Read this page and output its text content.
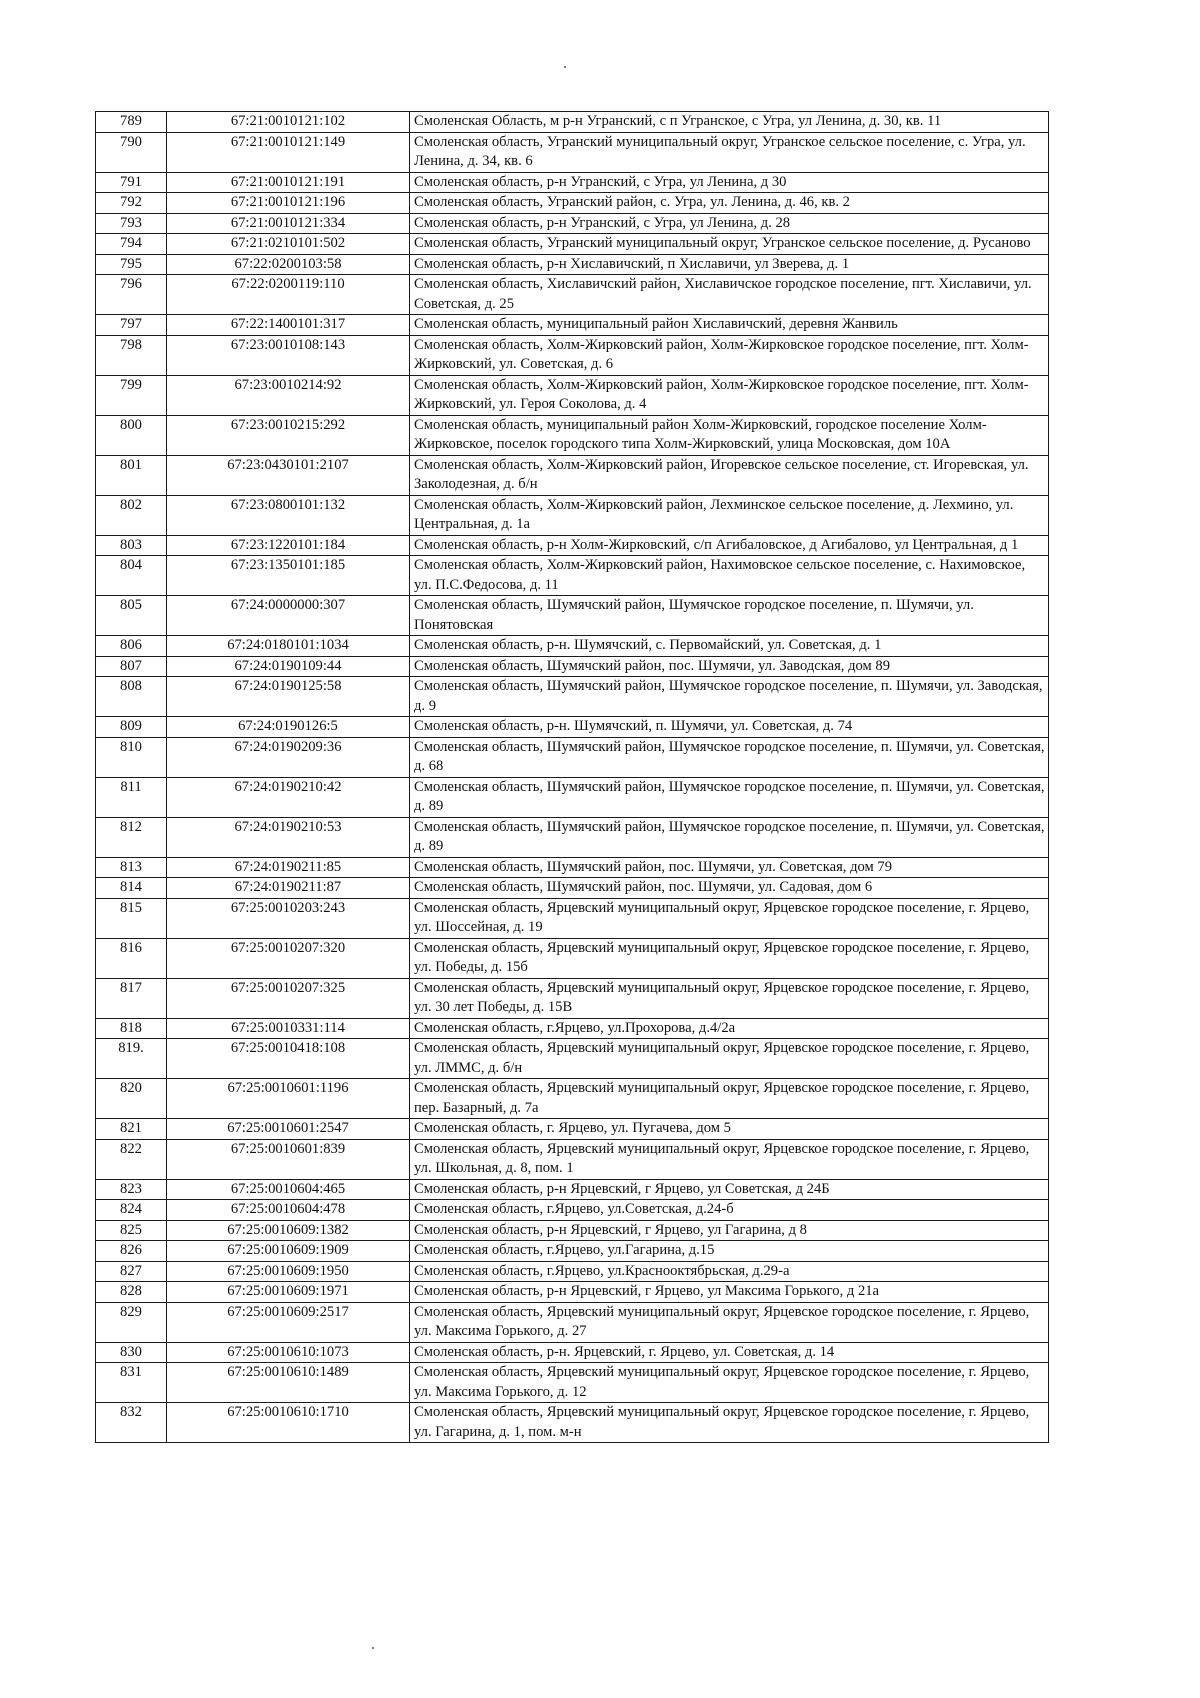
789	67:21:0010121:102	Смоленская Область, м р-н Угранский, с п Угранское, с Угра, ул Ленина, д. 30, кв. 11
790	67:21:0010121:149	Смоленская область, Угранский муниципальный округ, Угранское сельское поселение, с. Угра, ул. Ленина, д. 34, кв. 6
791	67:21:0010121:191	Смоленская область, р-н Угранский, с Угра, ул Ленина, д 30
792	67:21:0010121:196	Смоленская область, Угранский район, с. Угра, ул. Ленина, д. 46, кв. 2
793	67:21:0010121:334	Смоленская область, р-н Угранский, с Угра, ул Ленина, д. 28
794	67:21:0210101:502	Смоленская область, Угранский муниципальный округ, Угранское сельское поселение, д. Русаново
795	67:22:0200103:58	Смоленская область, р-н Хиславичский, п Хиславичи, ул Зверева, д. 1
796	67:22:0200119:110	Смоленская область, Хиславичский район, Хиславичское городское поселение, пгт. Хиславичи, ул. Советская, д. 25
797	67:22:1400101:317	Смоленская область, муниципальный район Хиславичский, деревня Жанвиль
798	67:23:0010108:143	Смоленская область, Холм-Жирковский район, Холм-Жирковское городское поселение, пгт. Холм-Жирковский, ул. Советская, д. 6
799	67:23:0010214:92	Смоленская область, Холм-Жирковский район, Холм-Жирковское городское поселение, пгт. Холм-Жирковский, ул. Героя Соколова, д. 4
800	67:23:0010215:292	Смоленская область, муниципальный район Холм-Жирковский, городское поселение Холм-Жирковское, поселок городского типа Холм-Жирковский, улица Московская, дом 10А
801	67:23:0430101:2107	Смоленская область, Холм-Жирковский район, Игоревское сельское поселение, ст. Игоревская, ул. Заколодезная, д. б/н
802	67:23:0800101:132	Смоленская область, Холм-Жирковский район, Лехминское сельское поселение, д. Лехмино, ул. Центральная, д. 1а
803	67:23:1220101:184	Смоленская область, р-н Холм-Жирковский, с/п Агибаловское, д Агибалово, ул Центральная, д 1
804	67:23:1350101:185	Смоленская область, Холм-Жирковский район, Нахимовское сельское поселение, с. Нахимовское, ул. П.С.Федосова, д. 11
805	67:24:0000000:307	Смоленская область, Шумячский район, Шумячское городское поселение, п. Шумячи, ул. Понятовская
806	67:24:0180101:1034	Смоленская область, р-н. Шумячский, с. Первомайский, ул. Советская, д. 1
807	67:24:0190109:44	Смоленская область, Шумячский район, пос. Шумячи, ул. Заводская, дом 89
808	67:24:0190125:58	Смоленская область, Шумячский район, Шумячское городское поселение, п. Шумячи, ул. Заводская, д. 9
809	67:24:0190126:5	Смоленская область, р-н. Шумячский, п. Шумячи, ул. Советская, д. 74
810	67:24:0190209:36	Смоленская область, Шумячский район, Шумячское городское поселение, п. Шумячи, ул. Советская, д. 68
811	67:24:0190210:42	Смоленская область, Шумячский район, Шумячское городское поселение, п. Шумячи, ул. Советская, д. 89
812	67:24:0190210:53	Смоленская область, Шумячский район, Шумячское городское поселение, п. Шумячи, ул. Советская, д. 89
813	67:24:0190211:85	Смоленская область, Шумячский район, пос. Шумячи, ул. Советская, дом 79
814	67:24:0190211:87	Смоленская область, Шумячский район, пос. Шумячи, ул. Садовая, дом 6
815	67:25:0010203:243	Смоленская область, Ярцевский муниципальный округ, Ярцевское городское поселение, г. Ярцево, ул. Шоссейная, д. 19
816	67:25:0010207:320	Смоленская область, Ярцевский муниципальный округ, Ярцевское городское поселение, г. Ярцево, ул. Победы, д. 15б
817	67:25:0010207:325	Смоленская область, Ярцевский муниципальный округ, Ярцевское городское поселение, г. Ярцево, ул. 30 лет Победы, д. 15В
818	67:25:0010331:114	Смоленская область, г.Ярцево, ул.Прохорова, д.4/2а
819.	67:25:0010418:108	Смоленская область, Ярцевский муниципальный округ, Ярцевское городское поселение, г. Ярцево, ул. ЛММС, д. б/н
820	67:25:0010601:1196	Смоленская область, Ярцевский муниципальный округ, Ярцевское городское поселение, г. Ярцево, пер. Базарный, д. 7а
821	67:25:0010601:2547	Смоленская область, г. Ярцево, ул. Пугачева, дом 5
822	67:25:0010601:839	Смоленская область, Ярцевский муниципальный округ, Ярцевское городское поселение, г. Ярцево, ул. Школьная, д. 8, пом. 1
823	67:25:0010604:465	Смоленская область, р-н Ярцевский, г Ярцево, ул Советская, д 24Б
824	67:25:0010604:478	Смоленская область, г.Ярцево, ул.Советская, д.24-б
825	67:25:0010609:1382	Смоленская область, р-н Ярцевский, г Ярцево, ул Гагарина, д 8
826	67:25:0010609:1909	Смоленская область, г.Ярцево, ул.Гагарина, д.15
827	67:25:0010609:1950	Смоленская область, г.Ярцево, ул.Краснооктябрьская, д.29-а
828	67:25:0010609:1971	Смоленская область, р-н Ярцевский, г Ярцево, ул Максима Горького, д 21а
829	67:25:0010609:2517	Смоленская область, Ярцевский муниципальный округ, Ярцевское городское поселение, г. Ярцево, ул. Максима Горького, д. 27
830	67:25:0010610:1073	Смоленская область, р-н. Ярцевский, г. Ярцево, ул. Советская, д. 14
831	67:25:0010610:1489	Смоленская область, Ярцевский муниципальный округ, Ярцевское городское поселение, г. Ярцево, ул. Максима Горького, д. 12
832	67:25:0010610:1710	Смоленская область, Ярцевский муниципальный округ, Ярцевское городское поселение, г. Ярцево, ул. Гагарина, д. 1, пом. м-н
